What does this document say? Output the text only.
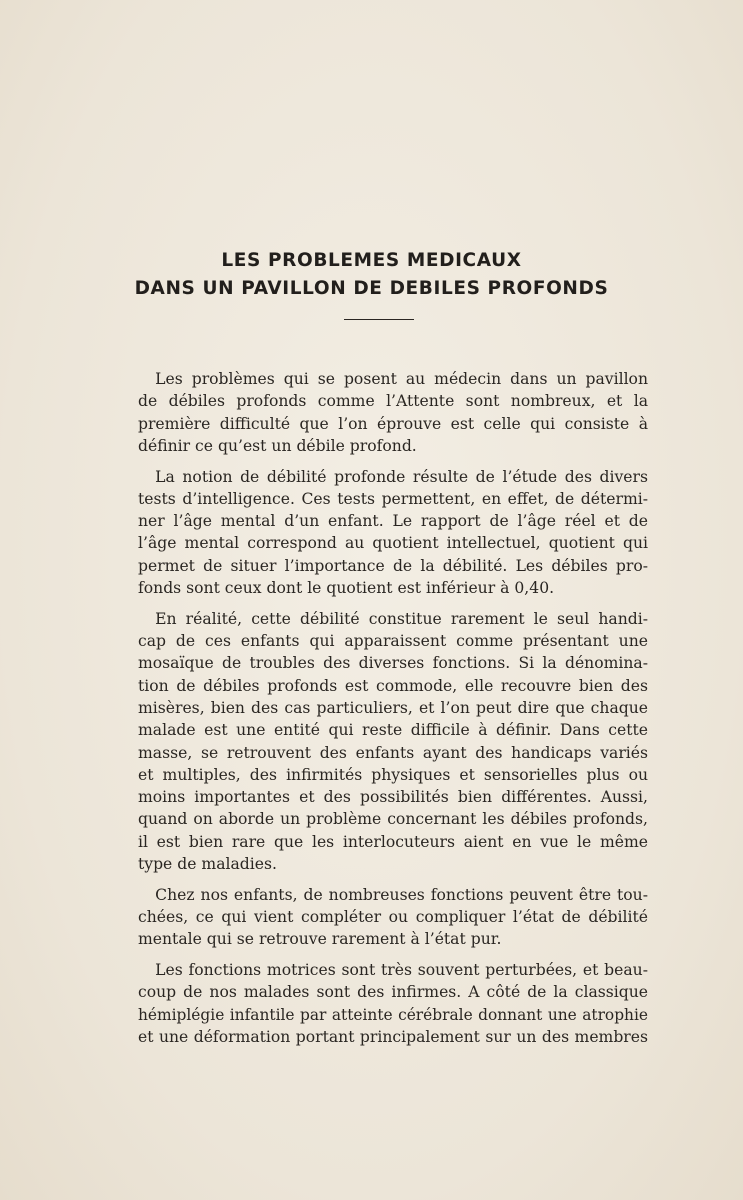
LES PROBLEMES MEDICAUX
DANS UN PAVILLON DE DEBILES PROFONDS

Les problèmes qui se posent au médecin dans un pavillon
de débiles profonds comme l’Attente sont nombreux, et la
première difficulté que l’on éprouve est celle qui consiste à
définir ce qu’est un débile profond.

La notion de débilité profonde résulte de l’étude des divers
tests d’intelligence. Ces tests permettent, en effet, de détermi-
ner l’âge mental d’un enfant. Le rapport de l’âge réel et de
l’âge mental correspond au quotient intellectuel, quotient qui
permet de situer l’importance de la débilité. Les débiles pro-
fonds sont ceux dont le quotient est inférieur à 0,40.

En réalité, cette débilité constitue rarement le seul handi-
cap de ces enfants qui apparaissent comme présentant une
mosaïque de troubles des diverses fonctions. Si la dénomina-
tion de débiles profonds est commode, elle recouvre bien des
misères, bien des cas particuliers, et l’on peut dire que chaque
malade est une entité qui reste difficile à définir. Dans cette
masse, se retrouvent des enfants ayant des handicaps variés
et multiples, des infirmités physiques et sensorielles plus ou
moins importantes et des possibilités bien différentes. Aussi,
quand on aborde un problème concernant les débiles profonds,
il est bien rare que les interlocuteurs aient en vue le même
type de maladies.

Chez nos enfants, de nombreuses fonctions peuvent être tou-
chées, ce qui vient compléter ou compliquer l’état de débilité
mentale qui se retrouve rarement à l’état pur.

Les fonctions motrices sont très souvent perturbées, et beau-
coup de nos malades sont des infirmes. A côté de la classique
hémiplégie infantile par atteinte cérébrale donnant une atrophie
et une déformation portant principalement sur un des membres
